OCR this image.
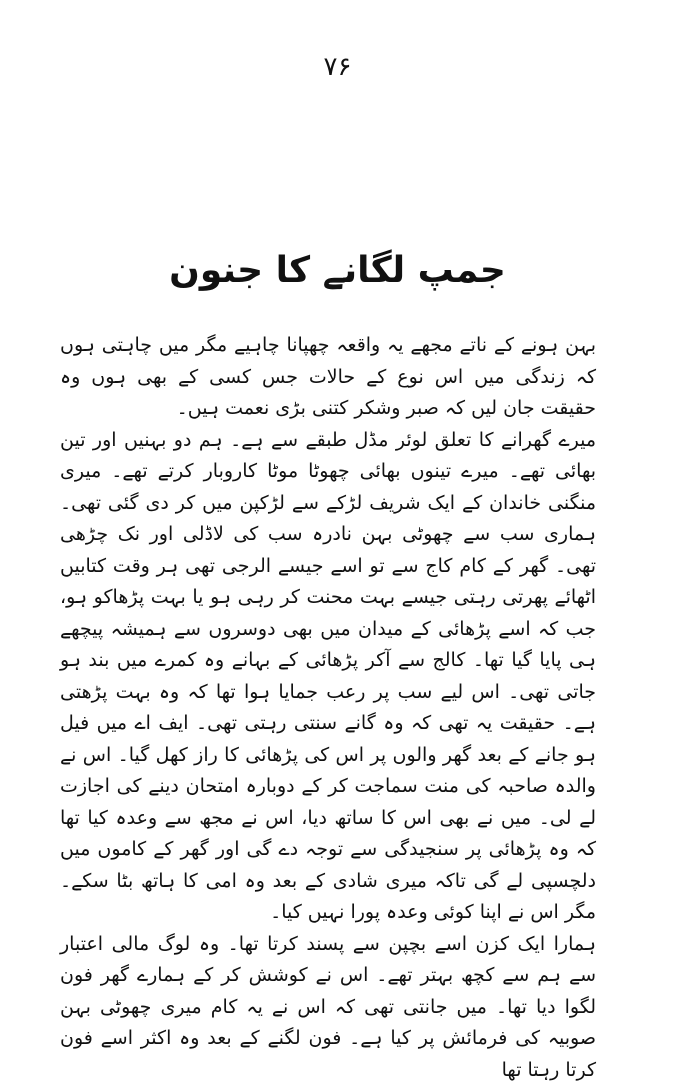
۷۶
جمپ لگانے کا جنون

بہن ہونے کے ناتے مجھے یہ واقعہ چھپانا چاہیے مگر میں چاہتی ہوں کہ زندگی میں اس نوع کے حالات جس کسی کے بھی ہوں وہ حقیقت جان لیں کہ صبر وشکر کتنی بڑی نعمت ہیں۔

میرے گھرانے کا تعلق لوئر مڈل طبقے سے ہے۔ ہم دو بہنیں اور تین بھائی تھے۔ میرے تینوں بھائی چھوٹا موٹا کاروبار کرتے تھے۔ میری منگنی خاندان کے ایک شریف لڑکے سے لڑکپن میں کر دی گئی تھی۔ ہماری سب سے چھوٹی بہن نادرہ سب کی لاڈلی اور نک چڑھی تھی۔ گھر کے کام کاج سے تو اسے جیسے الرجی تھی ہر وقت کتابیں اٹھائے پھرتی رہتی جیسے بہت محنت کر رہی ہو یا بہت پڑھاکو ہو، جب کہ اسے پڑھائی کے میدان میں بھی دوسروں سے ہمیشہ پیچھے ہی پایا گیا تھا۔ کالج سے آکر پڑھائی کے بہانے وہ کمرے میں بند ہو جاتی تھی۔ اس لیے سب پر رعب جمایا ہوا تھا کہ وہ بہت پڑھتی ہے۔ حقیقت یہ تھی کہ وہ گانے سنتی رہتی تھی۔ ایف اے میں فیل ہو جانے کے بعد گھر والوں پر اس کی پڑھائی کا راز کھل گیا۔ اس نے والدہ صاحبہ کی منت سماجت کر کے دوبارہ امتحان دینے کی اجازت لے لی۔ میں نے بھی اس کا ساتھ دیا، اس نے مجھ سے وعدہ کیا تھا کہ وہ پڑھائی پر سنجیدگی سے توجہ دے گی اور گھر کے کاموں میں دلچسپی لے گی تاکہ میری شادی کے بعد وہ امی کا ہاتھ بٹا سکے۔ مگر اس نے اپنا کوئی وعدہ پورا نہیں کیا۔

ہمارا ایک کزن اسے بچپن سے پسند کرتا تھا۔ وہ لوگ مالی اعتبار سے ہم سے کچھ بہتر تھے۔ اس نے کوشش کر کے ہمارے گھر فون لگوا دیا تھا۔ میں جانتی تھی کہ اس نے یہ کام میری چھوٹی بہن صوبیہ کی فرمائش پر کیا ہے۔ فون لگنے کے بعد وہ اکثر اسے فون کرتا رہتا تھا
